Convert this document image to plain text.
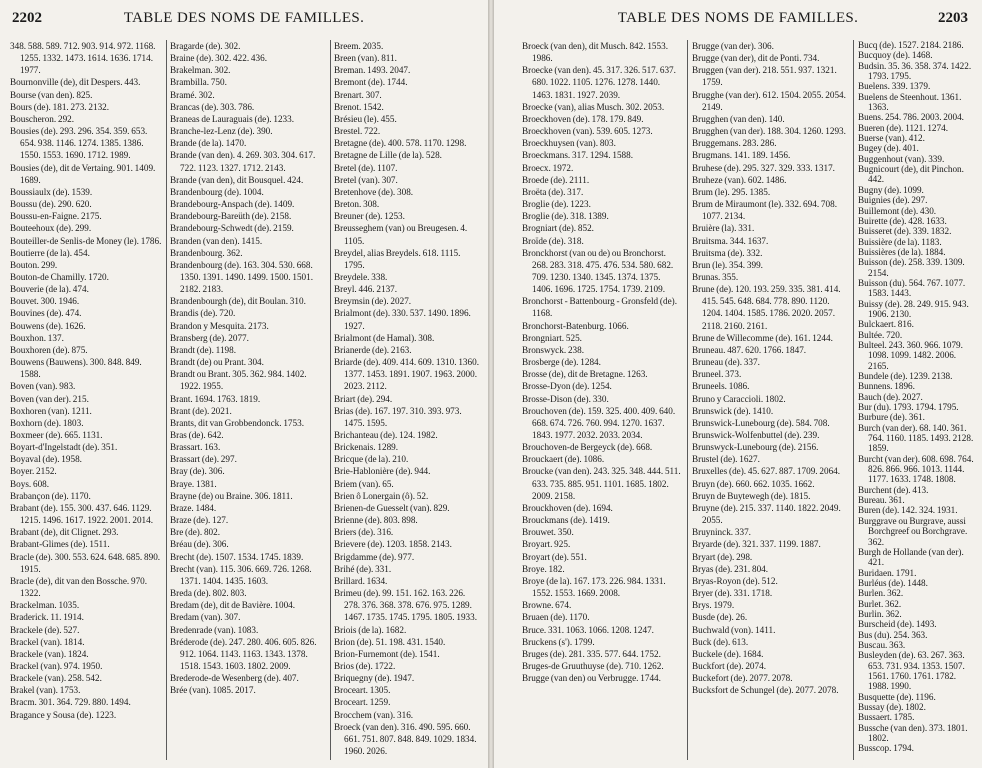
2202	TABLE DES NOMS DE FAMILLES.
348. 588. 589. 712. 903. 914. 972. 1168. 1255. 1332. 1473. 1614. 1636. 1714. 1977.
Bournonville (de), dit Despers. 443.
Bourse (van den). 825.
Bours (de). 181. 273. 2132.
Bouscheron. 292.
Bousies (de). 293. 296. 354. 359. 653. 654. 938. 1146. 1274. 1385. 1386. 1550. 1553. 1690. 1712. 1989.
Bousies (de), dit de Vertaing. 901. 1409. 1689.
Boussiaulx (de). 1539.
Boussu (de). 290. 620.
Boussu-en-Faigne. 2175.
Bouteehoux (de). 299.
Bouteiller-de Senlis-de Money (le). 1786.
Boutierre (de la). 454.
Bouton. 299.
Bouton-de Chamilly. 1720.
Bouverie (de la). 474.
Bouvet. 300. 1946.
Bouvines (de). 474.
Bouwens (de). 1626.
Bouxhon. 137.
Bouxhoren (de). 875.
Bouwens (Bauwens). 300. 848. 849. 1588.
Boven (van). 983.
Boven (van der). 215.
Boxhoren (van). 1211.
Boxhorn (de). 1803.
Boxmeer (de). 665. 1131.
Boyart-d'Ingelstadt (de). 351.
Boyaval (de). 1958.
Boyer. 2152.
Boys. 608.
Brabançon (de). 1170.
Brabant (de). 155. 300. 437. 646. 1129. 1215. 1496. 1617. 1922. 2001. 2014.
Brabant (de), dit Clignet. 293.
Brabant-Glimes (de). 1511.
Bracle (de). 300. 553. 624. 648. 685. 890. 1915.
Bracle (de), dit van den Bossche. 970. 1322.
Brackelman. 1035.
Braderick. 11. 1914.
Brackele (de). 527.
Brackel (van). 1814.
Brackele (van). 1824.
Brackel (van). 974. 1950.
Brackele (van). 258. 542.
Brakel (van). 1753.
Bracm. 301. 364. 729. 880. 1494.
Bragance y Sousa (de). 1223.
Bragarde (de). 302.
Braine (de). 302. 422. 436.
Brakelman. 302.
Brambilla. 750.
Bramé. 302.
Brancas (de). 303. 786.
Braneas de Lauraguais (de). 1233.
Branche-lez-Lenz (de). 390.
Brande (de la). 1470.
Brande (van den). 4. 269. 303. 304. 617. 722. 1123. 1327. 1712. 2143.
Brande (van den), dit Bousquel. 424.
Brandenbourg (de). 1004.
Brandebourg-Anspach (de). 1409.
Brandebourg-Bareüth (de). 2158.
Brandebourg-Schwedt (de). 2159.
Branden (van den). 1415.
Brandenbourg. 362.
Brandenbourg (de). 163. 304. 530. 668. 1350. 1391. 1490. 1499. 1500. 1501. 2182. 2183.
Brandenbourgh (de), dit Boulan. 310.
Brandis (de). 720.
Brandon y Mesquita. 2173.
Bransberg (de). 2077.
Brandt (de). 1198.
Brandt (de) ou Prant. 304.
Brandt ou Brant. 305. 362. 984. 1402. 1922. 1955.
Brant. 1694. 1763. 1819.
Brant (de). 2021.
Brants, dit van Grobbendonck. 1753.
Bras (de). 642.
Brassart. 163.
Brassart (de). 297.
Bray (de). 306.
Braye. 1381.
Brayne (de) ou Braine. 306. 1811.
Braze. 1484.
Braze (de). 127.
Bre (de). 802.
Bréau (de). 306.
Brecht (de). 1507. 1534. 1745. 1839.
Brecht (van). 115. 306. 669. 726. 1268. 1371. 1404. 1435. 1603.
Breda (de). 802. 803.
Bredam (de), dit de Bavière. 1004.
Bredam (van). 307.
Bredenrade (van). 1083.
Bréderode (de). 247. 280. 406. 605. 826. 912. 1064. 1143. 1163. 1343. 1378. 1518. 1543. 1603. 1802. 2009.
Brederode-de Wesenberg (de). 407.
Brée (van). 1085. 2017.
Breem. 2035.
Breen (van). 811.
Breman. 1493. 2047.
Bremont (de). 1744.
Brenart. 307.
Brenot. 1542.
Brésieu (le). 455.
Brestel. 722.
Bretagne (de). 400. 578. 1170. 1298.
Bretagne de Lille (de la). 528.
Bretel (de). 1107.
Bretel (van). 307.
Bretenhove (de). 308.
Breton. 308.
Breuner (de). 1253.
Breusseghem (van) ou Breugesen. 4. 1105.
Breydel, alias Breydels. 618. 1115. 1795.
Breydele. 338.
Breyl. 446. 2137.
Breymsin (de). 2027.
Brialmont (de). 330. 537. 1490. 1896. 1927.
Brialmont (de Hamal). 308.
Brianerde (de). 2163.
Briarde (de). 409. 414. 609. 1310. 1360. 1377. 1453. 1891. 1907. 1963. 2000. 2023. 2112.
Briart (de). 294.
Brias (de). 167. 197. 310. 393. 973. 1475. 1595.
Brichanteau (de). 124. 1982.
Brickenais. 1289.
Bricque (de la). 210.
Brie-Hablonière (de). 944.
Briem (van). 65.
Brien ô Lonergain (ô). 52.
Brienen-de Guesselt (van). 829.
Brienne (de). 803. 898.
Briers (de). 316.
Brievere (de). 1203. 1858. 2143.
Brigdamme (de). 977.
Brihé (de). 331.
Brillard. 1634.
Brimeu (de). 99. 151. 162. 163. 226. 278. 376. 368. 378. 676. 975. 1289. 1467. 1735. 1745. 1795. 1805. 1933.
Briois (de la). 1682.
Brion (de). 51. 198. 431. 1540.
Brion-Furnemont (de). 1541.
Brios (de). 1722.
Briquegny (de). 1947.
Broceart. 1305.
Broceart. 1259.
Brocchem (van). 316.
Broeck (van den). 316. 490. 595. 660. 661. 751. 807. 848. 849. 1029. 1834. 1960. 2026.
TABLE DES NOMS DE FAMILLES.	2203
Broeck (van den), dit Musch. 842. 1553. 1986.
Broecke (van den). 45. 317. 326. 517. 637. 680. 1022. 1105. 1276. 1278. 1440. 1463. 1831. 1927. 2039.
Broecke (van), alias Musch. 302. 2053.
Broeckhoven (de). 178. 179. 849.
Broeckhoven (van). 539. 605. 1273.
Broeckhuysen (van). 803.
Broeckmans. 317. 1294. 1588.
Broecx. 1972.
Broede (de). 2111.
Broëta (de). 317.
Broglie (de). 1223.
Broglie (de). 318. 1389.
Brogniart (de). 852.
Broïde (de). 318.
Bronckhorst (van ou de) ou Bronchorst. 268. 283. 318. 475. 476. 534. 580. 682. 709. 1230. 1340. 1345. 1374. 1375. 1406. 1696. 1725. 1754. 1739. 2109.
Bronchorst - Battenbourg - Gronsfeld (de). 1168.
Bronchorst-Batenburg. 1066.
Brongniart. 525.
Bronswyck. 238.
Brosberge (de). 1284.
Brosse (de), dit de Bretagne. 1263.
Brosse-Dyon (de). 1254.
Brosse-Dison (de). 330.
Brouchoven (de). 159. 325. 400. 409. 640. 668. 674. 726. 760. 994. 1270. 1637. 1843. 1977. 2032. 2033. 2034.
Brouchoven-de Bergeyck (de). 668.
Brouckaert (de). 1086.
Broucke (van den). 243. 325. 348. 444. 511. 633. 735. 885. 951. 1101. 1685. 1802. 2009. 2158.
Brouckhoven (de). 1694.
Brouckmans (de). 1419.
Brouwet. 350.
Broyart. 925.
Broyart (de). 551.
Broye. 182.
Broye (de la). 167. 173. 226. 984. 1331. 1552. 1553. 1669. 2008.
Browne. 674.
Bruaen (de). 1170.
Bruce. 331. 1063. 1066. 1208. 1247.
Bruckens (s'). 1799.
Bruges (de). 281. 335. 577. 644. 1752.
Bruges-de Gruuthuyse (de). 710. 1262.
Brugge (van den) ou Verbrugge. 1744.
Brugge (van der). 306.
Brugge (van der), dit de Ponti. 734.
Bruggen (van der). 218. 551. 937. 1321. 1759.
Brugghe (van der). 612. 1504. 2055. 2054. 2149.
Brugghen (van den). 140.
Brugghen (van der). 188. 304. 1260. 1293.
Bruggemans. 283. 286.
Brugmans. 141. 189. 1456.
Bruhese (de). 295. 327. 329. 333. 1317.
Bruheze (van). 602. 1486.
Brum (le). 295. 1385.
Brum de Miraumont (le). 332. 694. 708. 1077. 2134.
Bruière (la). 331.
Bruitsma. 344. 1637.
Bruitsma (de). 332.
Brun (le). 354. 399.
Brunas. 355.
Brune (de). 120. 193. 259. 335. 381. 414. 415. 545. 648. 684. 778. 890. 1120. 1204. 1404. 1585. 1786. 2020. 2057. 2118. 2160. 2161.
Brune de Willecomme (de). 161. 1244.
Bruneau. 487. 620. 1766. 1847.
Bruneau (de). 337.
Bruneel. 373.
Bruneels. 1086.
Bruno y Caraccioli. 1802.
Brunswick (de). 1410.
Brunswick-Lunebourg (de). 584. 708.
Brunswick-Wolfenbuttel (de). 239.
Brunswyck-Lunebourg (de). 2156.
Brustel (de). 1627.
Bruxelles (de). 45. 627. 887. 1709. 2064.
Bruyn (de). 660. 662. 1035. 1662.
Bruyn de Buytewegh (de). 1815.
Bruyne (de). 215. 337. 1140. 1822. 2049. 2055.
Bruyninck. 337.
Bryarde (de). 321. 337. 1199. 1887.
Bryart (de). 298.
Bryas (de). 231. 804.
Bryas-Royon (de). 512.
Bryer (de). 331. 1718.
Brys. 1979.
Busde (de). 26.
Buchwald (von). 1411.
Buck (de). 613.
Buckele (de). 1684.
Buckfort (de). 2074.
Buckefort (de). 2077. 2078.
Bucksfort de Schungel (de). 2077. 2078.
Bucq (de). 1527. 2184. 2186.
Bucquoy (de). 1468.
Budsin. 35. 36. 358. 374. 1422. 1793. 1795.
Buelens. 339. 1379.
Buelens de Steenhout. 1361. 1363.
Buens. 254. 786. 2003. 2004.
Bueren (de). 1121. 1274.
Buerse (van). 412.
Bugey (de). 401.
Buggenhout (van). 339.
Bugnicourt (de), dit Pinchon. 442.
Bugny (de). 1099.
Buignies (de). 297.
Buillemont (de). 430.
Buirette (de). 428. 1633.
Buisseret (de). 339. 1832.
Buissière (de la). 1183.
Buissières (de la). 1884.
Buisson (de). 258. 339. 1309. 2154.
Buisson (du). 564. 767. 1077. 1583. 1443.
Buissy (de). 28. 249. 915. 943. 1906. 2130.
Bulckaert. 816.
Bultée. 720.
Bulteel. 243. 360. 966. 1079. 1098. 1099. 1482. 2006. 2165.
Bundele (de). 1239. 2138.
Bunnens. 1896.
Bauch (de). 2027.
Bur (du). 1793. 1794. 1795.
Burbure (de). 361.
Burch (van der). 68. 140. 361. 764. 1160. 1185. 1493. 2128. 1859.
Burcht (van der). 608. 698. 764. 826. 866. 966. 1013. 1144. 1177. 1633. 1748. 1808.
Burchent (de). 413.
Bureau. 361.
Buren (de). 142. 324. 1931.
Burggrave ou Burgrave, aussi Borchgreef ou Borchgrave. 362.
Burgh de Hollande (van der). 421.
Buridaen. 1791.
Burléus (de). 1448.
Burlen. 362.
Burlet. 362.
Burlin. 362.
Burscheid (de). 1493.
Bus (du). 254. 363.
Buscau. 363.
Busleyden (de). 63. 267. 363. 653. 731. 934. 1353. 1507. 1561. 1760. 1761. 1782. 1988. 1990.
Busquette (de). 1196.
Bussay (de). 1802.
Bussaert. 1785.
Bussche (van den). 373. 1801. 1802.
Busscop. 1794.
